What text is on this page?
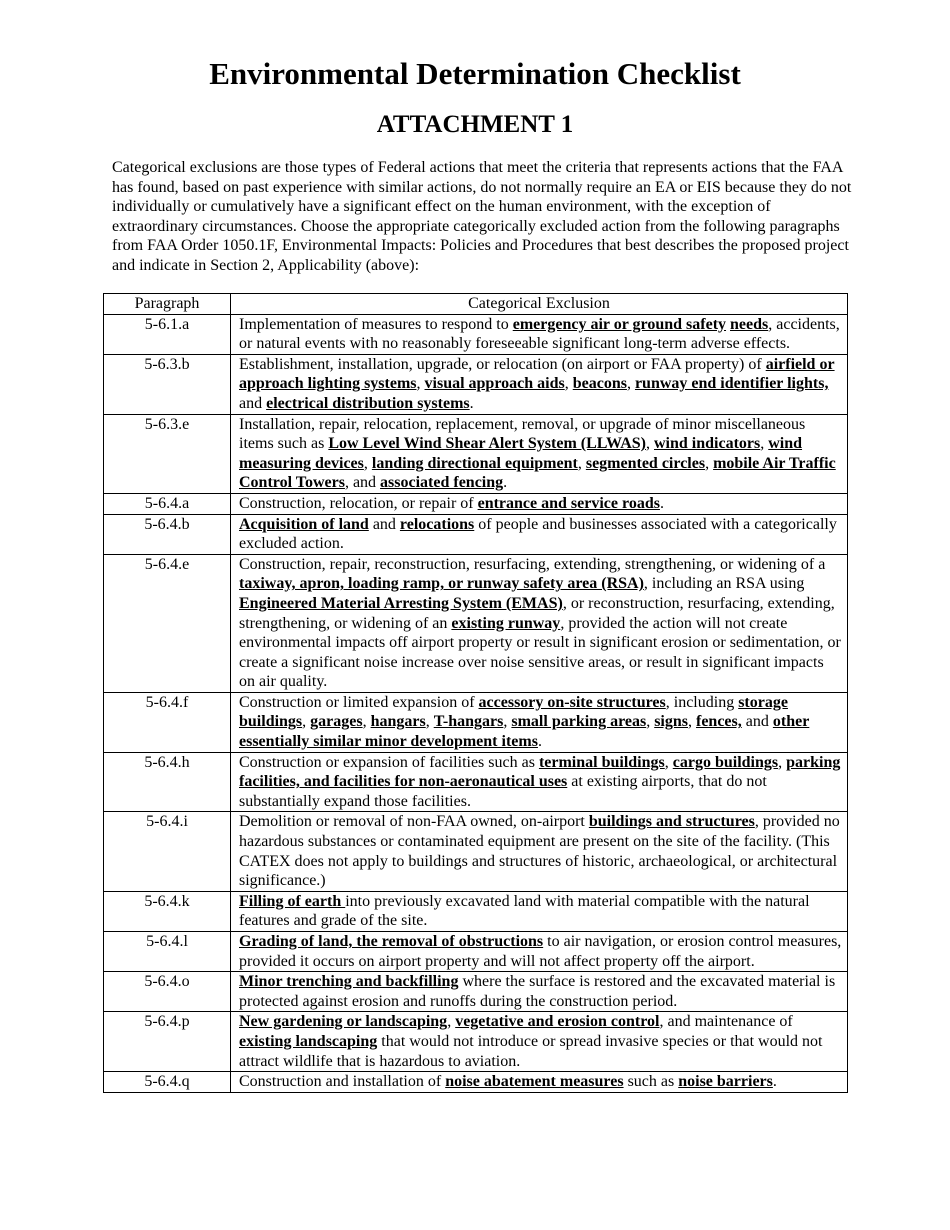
Environmental Determination Checklist
ATTACHMENT 1

Categorical exclusions are those types of Federal actions that meet the criteria that represents actions that the FAA has found, based on past experience with similar actions, do not normally require an EA or EIS because they do not individually or cumulatively have a significant effect on the human environment, with the exception of extraordinary circumstances. Choose the appropriate categorically excluded action from the following paragraphs from FAA Order 1050.1F, Environmental Impacts: Policies and Procedures that best describes the proposed project and indicate in Section 2, Applicability (above):

Paragraph	Categorical Exclusion
5-6.1.a	Implementation of measures to respond to emergency air or ground safety needs, accidents, or natural events with no reasonably foreseeable significant long-term adverse effects.
5-6.3.b	Establishment, installation, upgrade, or relocation (on airport or FAA property) of airfield or approach lighting systems, visual approach aids, beacons, runway end identifier lights, and electrical distribution systems.
5-6.3.e	Installation, repair, relocation, replacement, removal, or upgrade of minor miscellaneous items such as Low Level Wind Shear Alert System (LLWAS), wind indicators, wind measuring devices, landing directional equipment, segmented circles, mobile Air Traffic Control Towers, and associated fencing.
5-6.4.a	Construction, relocation, or repair of entrance and service roads.
5-6.4.b	Acquisition of land and relocations of people and businesses associated with a categorically excluded action.
5-6.4.e	Construction, repair, reconstruction, resurfacing, extending, strengthening, or widening of a taxiway, apron, loading ramp, or runway safety area (RSA), including an RSA using Engineered Material Arresting System (EMAS), or reconstruction, resurfacing, extending, strengthening, or widening of an existing runway, provided the action will not create environmental impacts off airport property or result in significant erosion or sedimentation, or create a significant noise increase over noise sensitive areas, or result in significant impacts on air quality.
5-6.4.f	Construction or limited expansion of accessory on-site structures, including storage buildings, garages, hangars, T-hangars, small parking areas, signs, fences, and other essentially similar minor development items.
5-6.4.h	Construction or expansion of facilities such as terminal buildings, cargo buildings, parking facilities, and facilities for non-aeronautical uses at existing airports, that do not substantially expand those facilities.
5-6.4.i	Demolition or removal of non-FAA owned, on-airport buildings and structures, provided no hazardous substances or contaminated equipment are present on the site of the facility. (This CATEX does not apply to buildings and structures of historic, archaeological, or architectural significance.)
5-6.4.k	Filling of earth into previously excavated land with material compatible with the natural features and grade of the site.
5-6.4.l	Grading of land, the removal of obstructions to air navigation, or erosion control measures, provided it occurs on airport property and will not affect property off the airport.
5-6.4.o	Minor trenching and backfilling where the surface is restored and the excavated material is protected against erosion and runoffs during the construction period.
5-6.4.p	New gardening or landscaping, vegetative and erosion control, and maintenance of existing landscaping that would not introduce or spread invasive species or that would not attract wildlife that is hazardous to aviation.
5-6.4.q	Construction and installation of noise abatement measures such as noise barriers.
